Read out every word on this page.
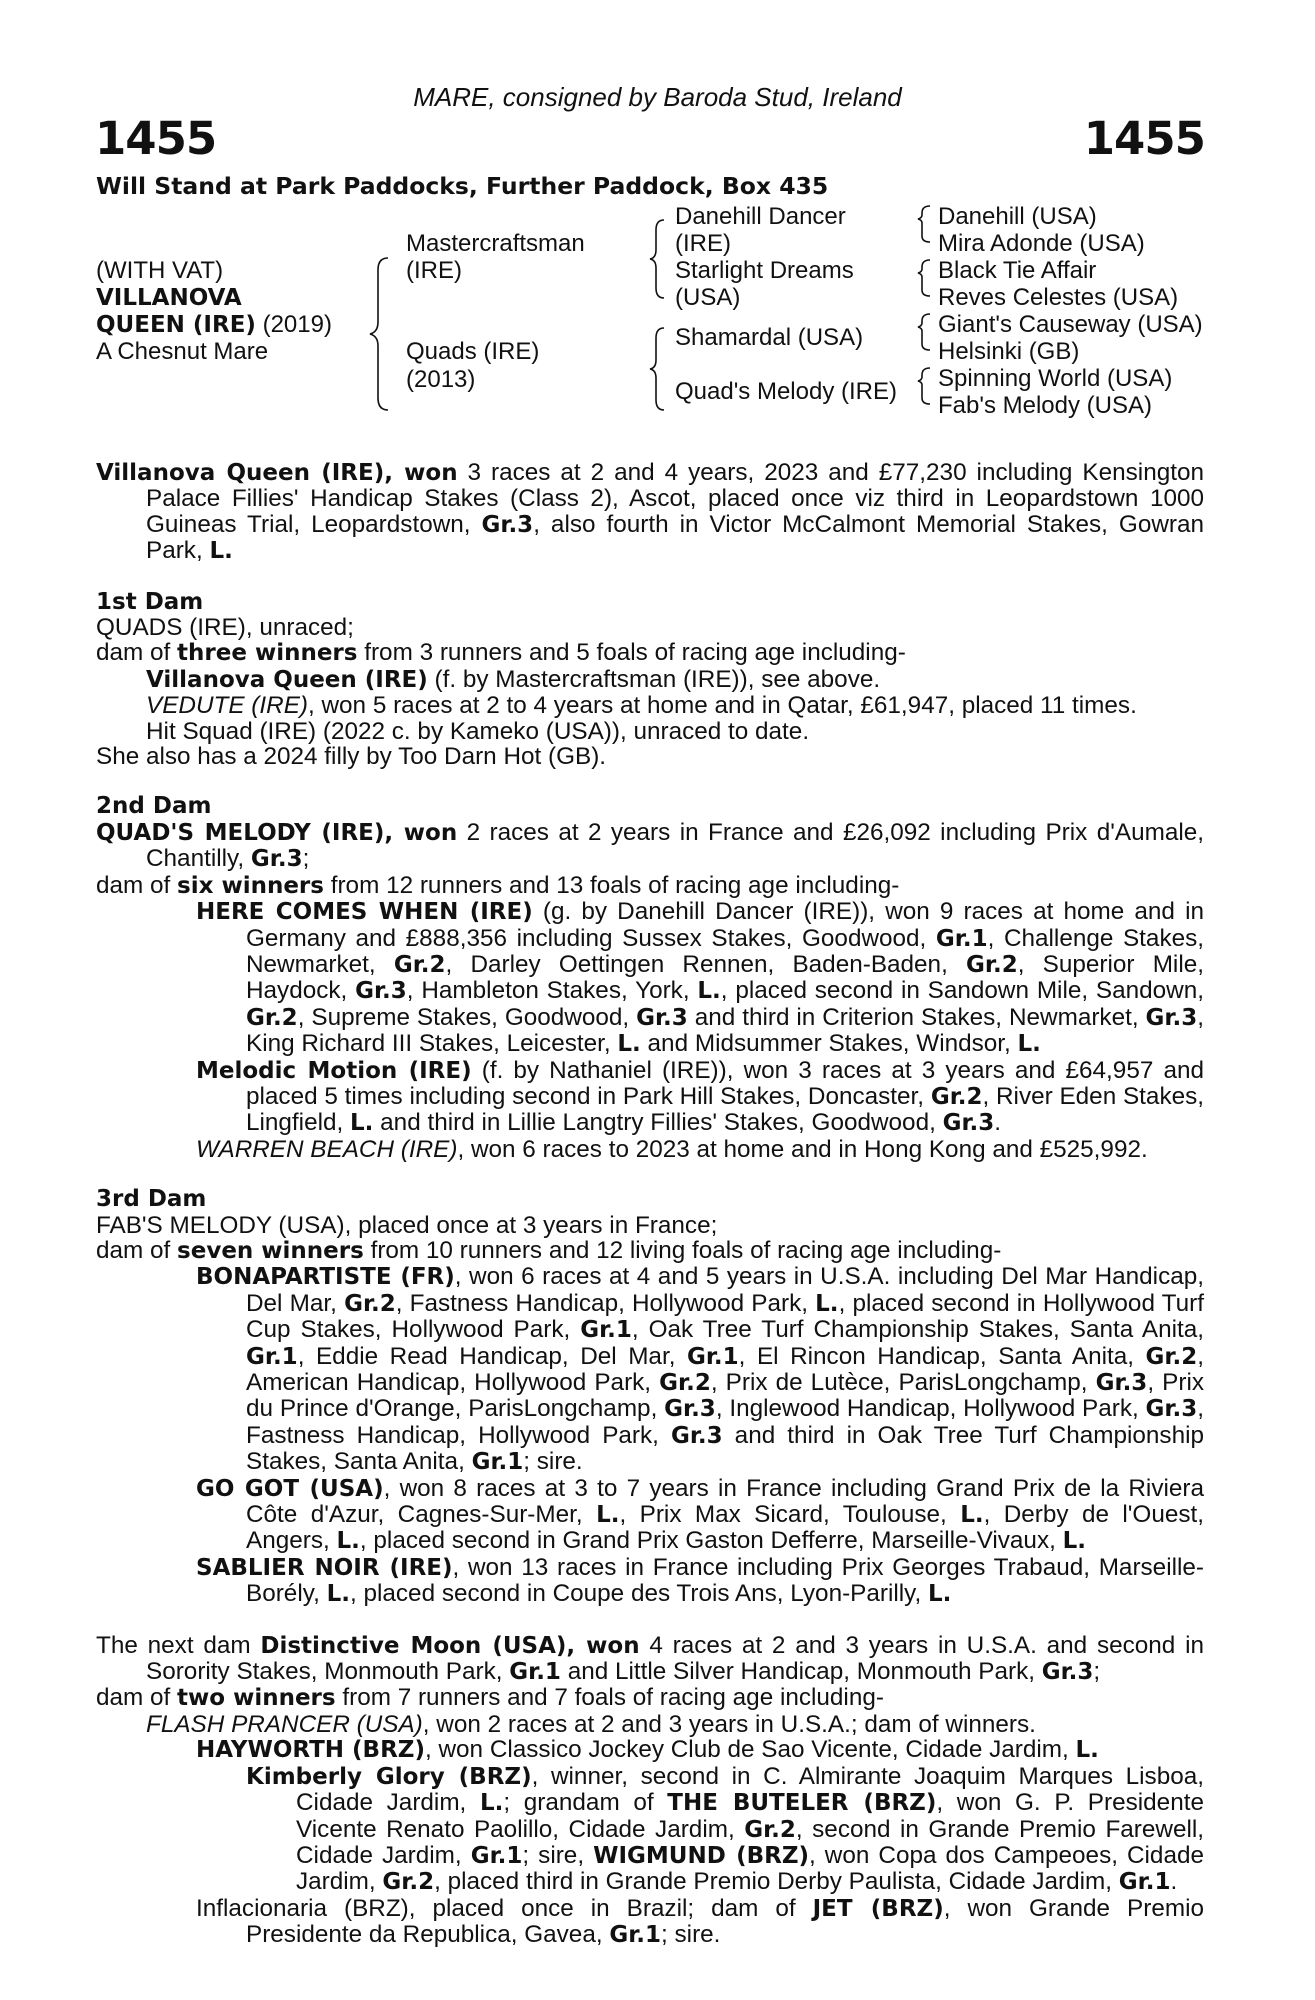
MARE, consigned by Baroda Stud, Ireland
1455	1455
Will Stand at Park Paddocks, Further Paddock, Box 435
(WITH VAT)
VILLANOVA
QUEEN (IRE) (2019)
A Chesnut Mare
Mastercraftsman
(IRE)
Quads (IRE)
(2013)
Danehill Dancer
(IRE)
Starlight Dreams
(USA)
Shamardal (USA)
Quad's Melody (IRE)
Danehill (USA)
Mira Adonde (USA)
Black Tie Affair
Reves Celestes (USA)
Giant's Causeway (USA)
Helsinki (GB)
Spinning World (USA)
Fab's Melody (USA)

Villanova Queen (IRE), won 3 races at 2 and 4 years, 2023 and £77,230 including Kensington Palace Fillies' Handicap Stakes (Class 2), Ascot, placed once viz third in Leopardstown 1000 Guineas Trial, Leopardstown, Gr.3, also fourth in Victor McCalmont Memorial Stakes, Gowran Park, L.

1st Dam

QUADS (IRE), unraced;

dam of three winners from 3 runners and 5 foals of racing age including-

Villanova Queen (IRE) (f. by Mastercraftsman (IRE)), see above.

VEDUTE (IRE), won 5 races at 2 to 4 years at home and in Qatar, £61,947, placed 11 times.

Hit Squad (IRE) (2022 c. by Kameko (USA)), unraced to date.

She also has a 2024 filly by Too Darn Hot (GB).

2nd Dam

QUAD'S MELODY (IRE), won 2 races at 2 years in France and £26,092 including Prix d'Aumale, Chantilly, Gr.3;

dam of six winners from 12 runners and 13 foals of racing age including-

HERE COMES WHEN (IRE) (g. by Danehill Dancer (IRE)), won 9 races at home and in Germany and £888,356 including Sussex Stakes, Goodwood, Gr.1, Challenge Stakes, Newmarket, Gr.2, Darley Oettingen Rennen, Baden-Baden, Gr.2, Superior Mile, Haydock, Gr.3, Hambleton Stakes, York, L., placed second in Sandown Mile, Sandown, Gr.2, Supreme Stakes, Goodwood, Gr.3 and third in Criterion Stakes, Newmarket, Gr.3, King Richard III Stakes, Leicester, L. and Midsummer Stakes, Windsor, L.

Melodic Motion (IRE) (f. by Nathaniel (IRE)), won 3 races at 3 years and £64,957 and placed 5 times including second in Park Hill Stakes, Doncaster, Gr.2, River Eden Stakes, Lingfield, L. and third in Lillie Langtry Fillies' Stakes, Goodwood, Gr.3.

WARREN BEACH (IRE), won 6 races to 2023 at home and in Hong Kong and £525,992.

3rd Dam

FAB'S MELODY (USA), placed once at 3 years in France;

dam of seven winners from 10 runners and 12 living foals of racing age including-

BONAPARTISTE (FR), won 6 races at 4 and 5 years in U.S.A. including Del Mar Handicap, Del Mar, Gr.2, Fastness Handicap, Hollywood Park, L., placed second in Hollywood Turf Cup Stakes, Hollywood Park, Gr.1, Oak Tree Turf Championship Stakes, Santa Anita, Gr.1, Eddie Read Handicap, Del Mar, Gr.1, El Rincon Handicap, Santa Anita, Gr.2, American Handicap, Hollywood Park, Gr.2, Prix de Lutèce, ParisLongchamp, Gr.3, Prix du Prince d'Orange, ParisLongchamp, Gr.3, Inglewood Handicap, Hollywood Park, Gr.3, Fastness Handicap, Hollywood Park, Gr.3 and third in Oak Tree Turf Championship Stakes, Santa Anita, Gr.1; sire.

GO GOT (USA), won 8 races at 3 to 7 years in France including Grand Prix de la Riviera Côte d'Azur, Cagnes-Sur-Mer, L., Prix Max Sicard, Toulouse, L., Derby de l'Ouest, Angers, L., placed second in Grand Prix Gaston Defferre, Marseille-Vivaux, L.

SABLIER NOIR (IRE), won 13 races in France including Prix Georges Trabaud, Marseille-Borély, L., placed second in Coupe des Trois Ans, Lyon-Parilly, L.

The next dam Distinctive Moon (USA), won 4 races at 2 and 3 years in U.S.A. and second in Sorority Stakes, Monmouth Park, Gr.1 and Little Silver Handicap, Monmouth Park, Gr.3;

dam of two winners from 7 runners and 7 foals of racing age including-

FLASH PRANCER (USA), won 2 races at 2 and 3 years in U.S.A.; dam of winners.

HAYWORTH (BRZ), won Classico Jockey Club de Sao Vicente, Cidade Jardim, L.

Kimberly Glory (BRZ), winner, second in C. Almirante Joaquim Marques Lisboa, Cidade Jardim, L.; grandam of THE BUTELER (BRZ), won G. P. Presidente Vicente Renato Paolillo, Cidade Jardim, Gr.2, second in Grande Premio Farewell, Cidade Jardim, Gr.1; sire, WIGMUND (BRZ), won Copa dos Campeoes, Cidade Jardim, Gr.2, placed third in Grande Premio Derby Paulista, Cidade Jardim, Gr.1.

Inflacionaria (BRZ), placed once in Brazil; dam of JET (BRZ), won Grande Premio Presidente da Republica, Gavea, Gr.1; sire.
